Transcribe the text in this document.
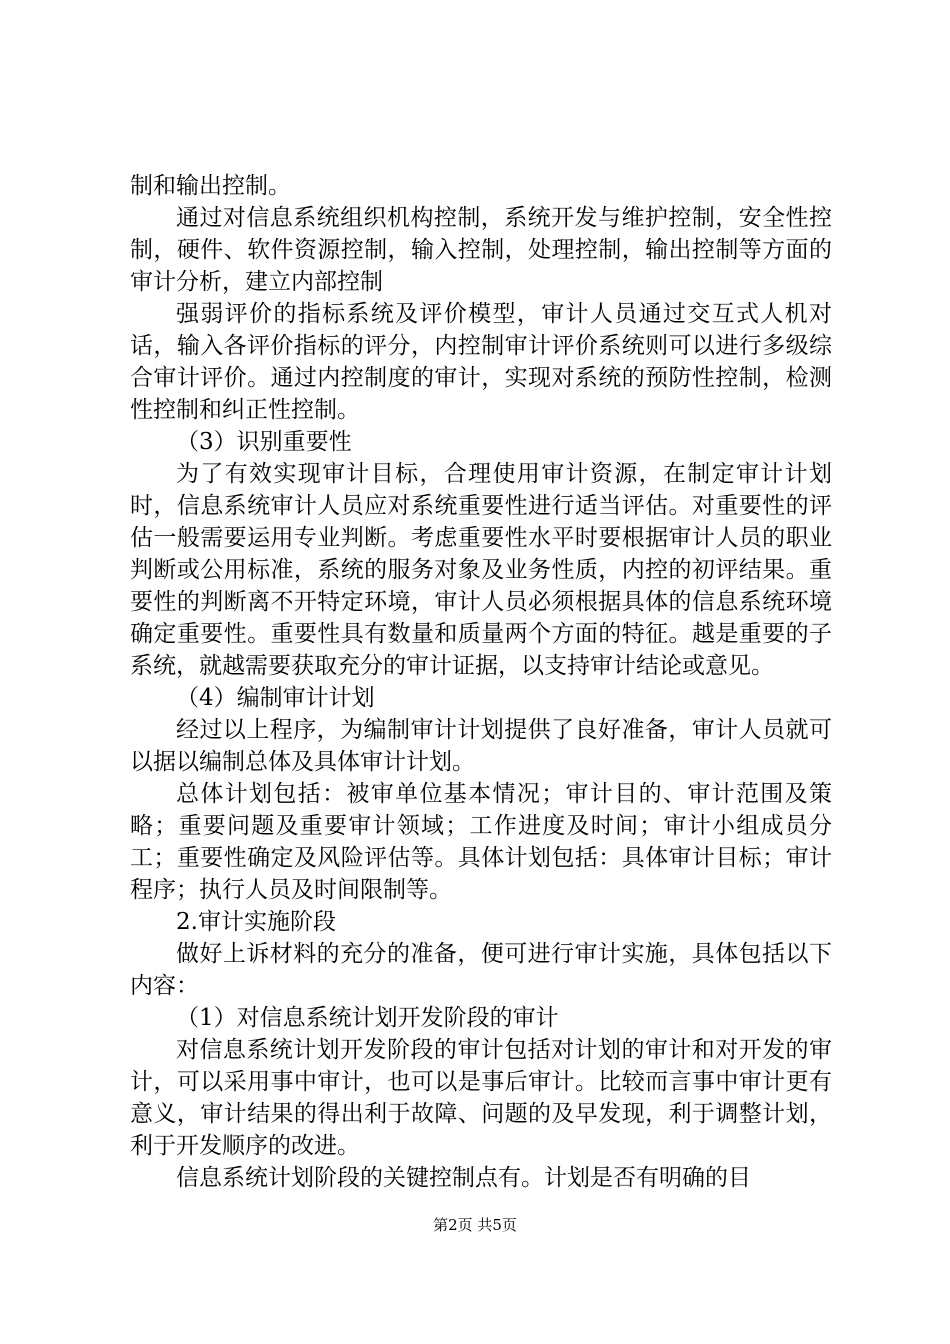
制和输出控制。

通过对信息系统组织机构控制，系统开发与维护控制，安全性控制，硬件、软件资源控制，输入控制，处理控制，输出控制等方面的审计分析，建立内部控制

强弱评价的指标系统及评价模型，审计人员通过交互式人机对话，输入各评价指标的评分，内控制审计评价系统则可以进行多级综合审计评价。通过内控制度的审计，实现对系统的预防性控制，检测性控制和纠正性控制。

（3）识别重要性

为了有效实现审计目标，合理使用审计资源，在制定审计计划时，信息系统审计人员应对系统重要性进行适当评估。对重要性的评估一般需要运用专业判断。考虑重要性水平时要根据审计人员的职业判断或公用标准，系统的服务对象及业务性质，内控的初评结果。重要性的判断离不开特定环境，审计人员必须根据具体的信息系统环境确定重要性。重要性具有数量和质量两个方面的特征。越是重要的子系统，就越需要获取充分的审计证据，以支持审计结论或意见。

（4）编制审计计划

经过以上程序，为编制审计计划提供了良好准备，审计人员就可以据以编制总体及具体审计计划。

总体计划包括：被审单位基本情况；审计目的、审计范围及策略；重要问题及重要审计领域；工作进度及时间；审计小组成员分工；重要性确定及风险评估等。具体计划包括：具体审计目标；审计程序；执行人员及时间限制等。

2.审计实施阶段

做好上诉材料的充分的准备，便可进行审计实施，具体包括以下内容：

（1）对信息系统计划开发阶段的审计

对信息系统计划开发阶段的审计包括对计划的审计和对开发的审计，可以采用事中审计，也可以是事后审计。比较而言事中审计更有意义，审计结果的得出利于故障、问题的及早发现，利于调整计划，利于开发顺序的改进。

信息系统计划阶段的关键控制点有。计划是否有明确的目

第2页 共5页
